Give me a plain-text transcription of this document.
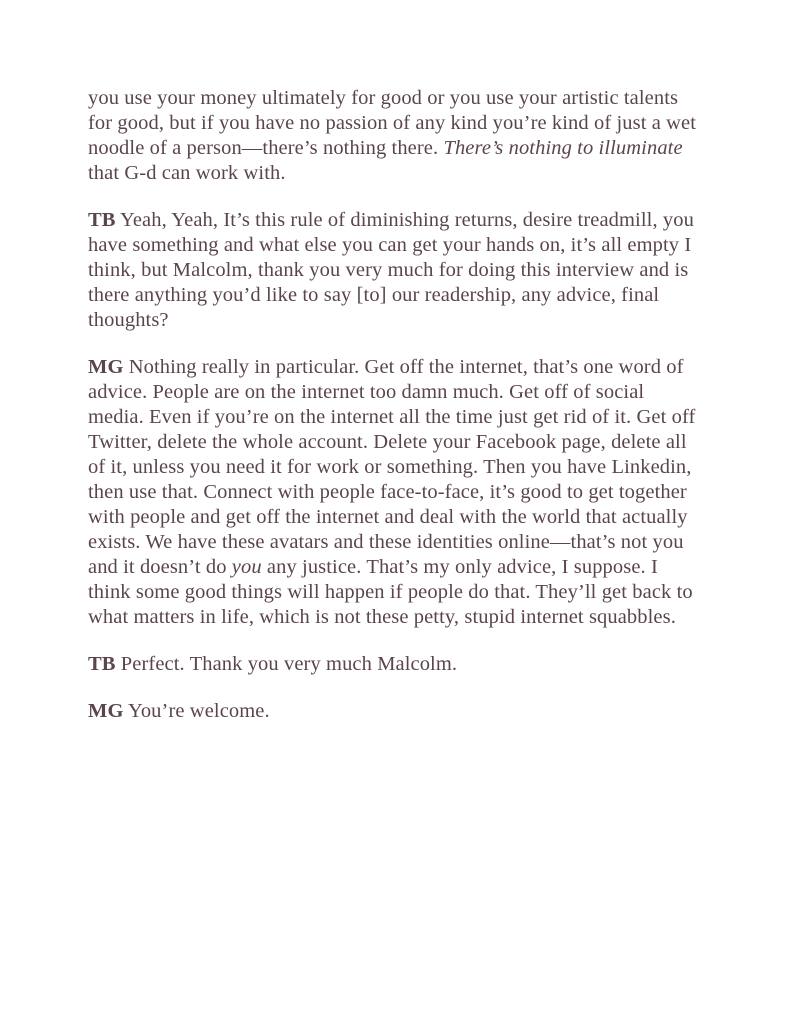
you use your money ultimately for good or you use your artistic talents for good, but if you have no passion of any kind you’re kind of just a wet noodle of a person—there’s nothing there. There’s nothing to illuminate that G-d can work with.

TB Yeah, Yeah, It’s this rule of diminishing returns, desire treadmill, you have something and what else you can get your hands on, it’s all empty I think, but Malcolm, thank you very much for doing this interview and is there anything you’d like to say [to] our readership, any advice, final thoughts?

MG Nothing really in particular. Get off the internet, that’s one word of advice. People are on the internet too damn much. Get off of social media. Even if you’re on the internet all the time just get rid of it. Get off Twitter, delete the whole account. Delete your Facebook page, delete all of it, unless you need it for work or something. Then you have Linkedin, then use that. Connect with people face-to-face, it’s good to get together with people and get off the internet and deal with the world that actually exists. We have these avatars and these identities online—that’s not you and it doesn’t do you any justice. That’s my only advice, I suppose. I think some good things will happen if people do that. They’ll get back to what matters in life, which is not these petty, stupid internet squabbles.

TB Perfect. Thank you very much Malcolm.

MG You’re welcome.
